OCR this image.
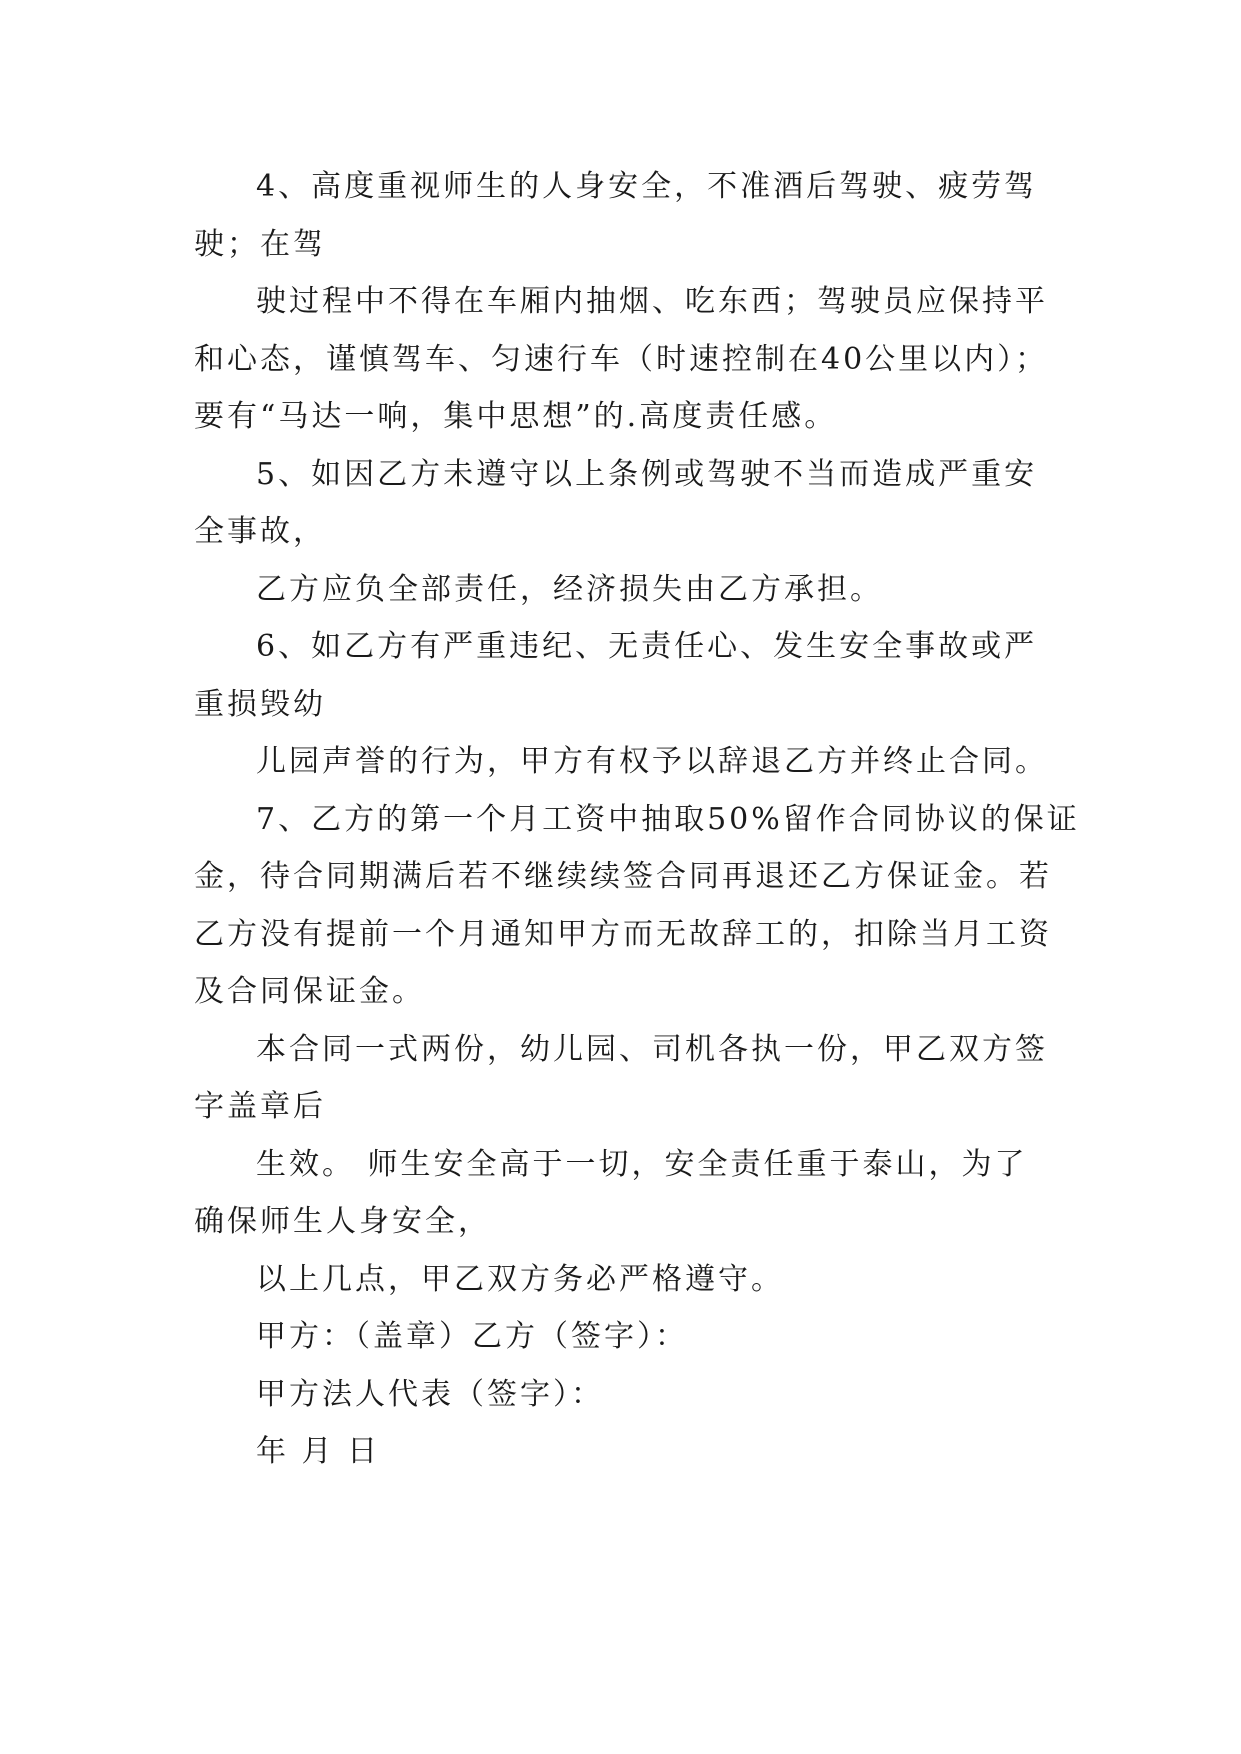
4、高度重视师生的人身安全，不准酒后驾驶、疲劳驾
驶；在驾
驶过程中不得在车厢内抽烟、吃东西；驾驶员应保持平
和心态，谨慎驾车、匀速行车（时速控制在40公里以内）；
要有“马达一响，集中思想”的.高度责任感。
5、如因乙方未遵守以上条例或驾驶不当而造成严重安
全事故，
乙方应负全部责任，经济损失由乙方承担。
6、如乙方有严重违纪、无责任心、发生安全事故或严
重损毁幼
儿园声誉的行为，甲方有权予以辞退乙方并终止合同。
7、乙方的第一个月工资中抽取50%留作合同协议的保证
金，待合同期满后若不继续续签合同再退还乙方保证金。若
乙方没有提前一个月通知甲方而无故辞工的，扣除当月工资
及合同保证金。
本合同一式两份，幼儿园、司机各执一份，甲乙双方签
字盖章后
生效。 师生安全高于一切，安全责任重于泰山，为了
确保师生人身安全，
以上几点，甲乙双方务必严格遵守。
甲方：（盖章）乙方（签字）：
甲方法人代表（签字）：
年 月 日
